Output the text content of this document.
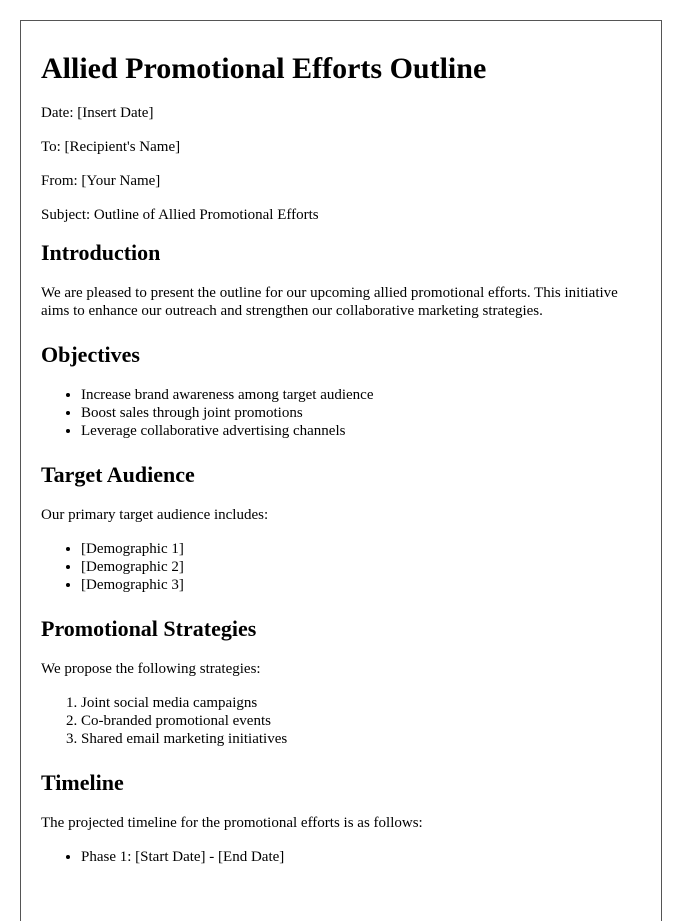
Allied Promotional Efforts Outline

Date: [Insert Date]

To: [Recipient's Name]

From: [Your Name]

Subject: Outline of Allied Promotional Efforts

Introduction

We are pleased to present the outline for our upcoming allied promotional efforts. This initiative aims to enhance our outreach and strengthen our collaborative marketing strategies.

Objectives
• Increase brand awareness among target audience
• Boost sales through joint promotions
• Leverage collaborative advertising channels
Target Audience

Our primary target audience includes:

• [Demographic 1]
• [Demographic 2]
• [Demographic 3]
Promotional Strategies

We propose the following strategies:

1. Joint social media campaigns
2. Co-branded promotional events
3. Shared email marketing initiatives
Timeline

The projected timeline for the promotional efforts is as follows:

• Phase 1: [Start Date] - [End Date]
